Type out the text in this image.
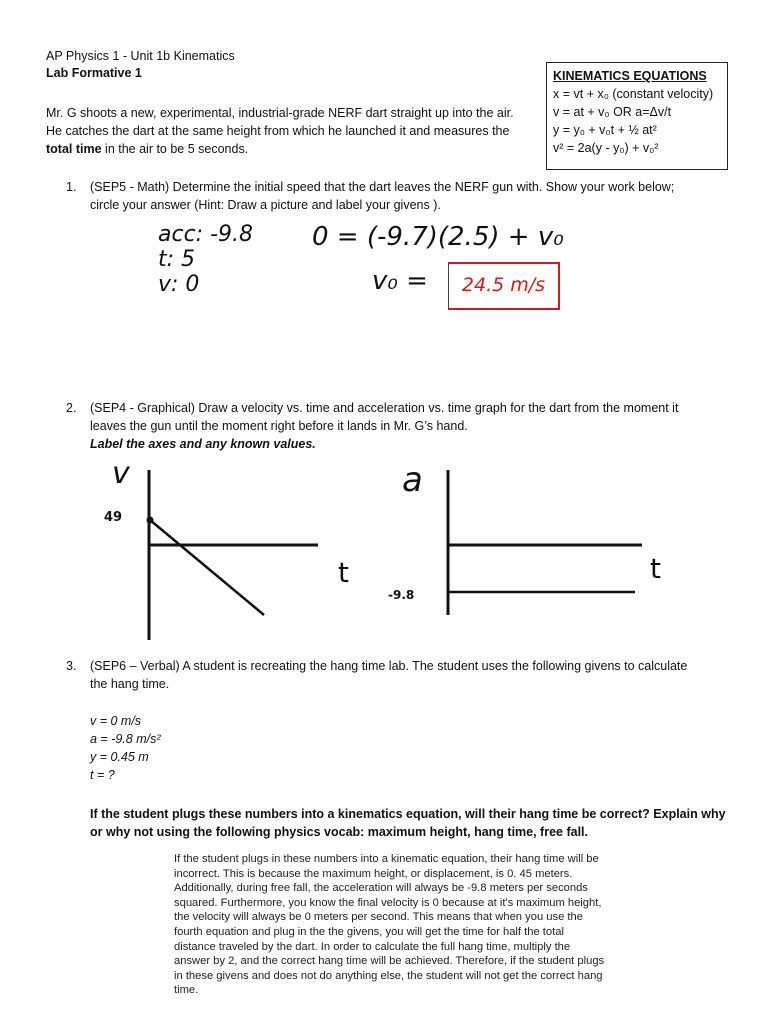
AP Physics 1 - Unit 1b Kinematics
Lab Formative 1
Mr. G shoots a new, experimental, industrial-grade NERF dart straight up into the air. He catches the dart at the same height from which he launched it and measures the total time in the air to be 5 seconds.
KINEMATICS EQUATIONS
x = vt + x₀ (constant velocity)
v = at + v₀ OR a=Δv/t
y = y₀ + v₀t + ½ at²
v² = 2a(y - y₀) + v₀²
1.	(SEP5 - Math) Determine the initial speed that the dart leaves the NERF gun with. Show your work below; circle your answer (Hint: Draw a picture and label your givens ).
acc: -9.8
t: 5
v: 0
0 = (-9.7)(2.5) + v₀
v₀ =	24.5 m/s
2.	(SEP4 - Graphical) Draw a velocity vs. time and acceleration vs. time graph for the dart from the moment it leaves the gun until the moment right before it lands in Mr. G’s hand.
Label the axes and any known values.
v
49
t
a
-9.8
t
3.	(SEP6 – Verbal) A student is recreating the hang time lab. The student uses the following givens to calculate the hang time.
v = 0 m/s
a = -9.8 m/s²
y = 0.45 m
t = ?
If the student plugs these numbers into a kinematics equation, will their hang time be correct? Explain why or why not using the following physics vocab: maximum height, hang time, free fall.
If the student plugs in these numbers into a kinematic equation, their hang time will be incorrect. This is because the maximum height, or displacement, is 0. 45 meters. Additionally, during free fall, the acceleration will always be -9.8 meters per seconds squared. Furthermore, you know the final velocity is 0 because at it's maximum height, the velocity will always be 0 meters per second. This means that when you use the fourth equation and plug in the the givens, you will get the time for half the total distance traveled by the dart. In order to calculate the full hang time, multiply the answer by 2, and the correct hang time will be achieved. Therefore, if the student plugs in these givens and does not do anything else, the student will not get the correct hang time.
